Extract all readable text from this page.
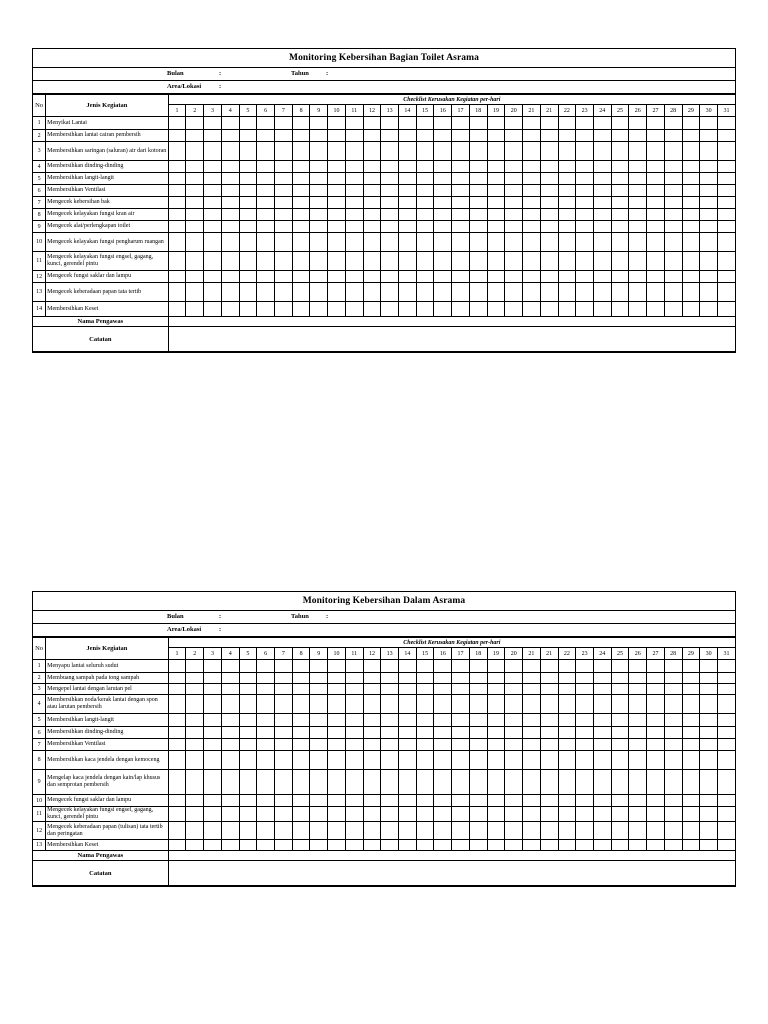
Monitoring Kebersihan Bagian Toilet Asrama
Bulan	:	Tahun	:
Area/Lokasi	:
No	Jenis Kegiatan	Checklist Kerusakan Kegiatan per-hari																															
		1	2	3	4	5	6	7	8	9	10	11	12	13	14	15	16	17	18	19	20	21	21	22	23	24	25	26	27	28	29	30	31
1	Menyikat Lantai																																
2	Membersihkan lantai cairan pembersih																																
3	Membersihkan saringan (saluran) air dari kotoran																																
4	Membersihkan dinding-dinding																																
5	Membersihkan langit-langit																																
6	Membersihkan Ventilasi																																
7	Mengecek kebersihan bak																																
8	Mengecek kelayakan fungsi kran air																																
9	Mengecek alat/perlengkapan toilet																																
10	Mengecek kelayakan fungsi pengharum ruangan																																
11	Mengecek kelayakan fungsi engsel, gagang, kunci, gerendel pintu																																
12	Mengecek fungsi saklar dan lampu																																
13	Mengecek keberadaan papan tata tertib																																
14	Membersihkan Keset																																
Nama Pengawas																																	
Catatan																																	
Monitoring Kebersihan Dalam Asrama
Bulan	:	Tahun	:
Area/Lokasi	:
No	Jenis Kegiatan	Checklist Kerusakan Kegiatan per-hari																															
		1	2	3	4	5	6	7	8	9	10	11	12	13	14	15	16	17	18	19	20	21	21	22	23	24	25	26	27	28	29	30	31
1	Menyapu lantai seluruh sudut																																
2	Membuang sampah pada tong sampah																																
3	Mengepel lantai dengan larutan pel																																
4	Membersihkan noda/kerak lantai dengan spon atau larutan pembersih																																
5	Membersihkan langit-langit																																
6	Membersihkan dinding-dinding																																
7	Membersihkan Ventilasi																																
8	Membersihkan kaca jendela dengan kemoceng																																
9	Mengelap kaca jendela dengan kain/lap khusus dan semprotan pembersih																																
10	Mengecek fungsi saklar dan lampu																																
11	Mengecek kelayakan fungsi engsel, gagang, kunci, gerendel pintu																																
12	Mengecek keberadaan papan (tulisan) tata tertib dan peringatan																																
13	Membersihkan Keset																																
Nama Pengawas																																	
Catatan																																	
